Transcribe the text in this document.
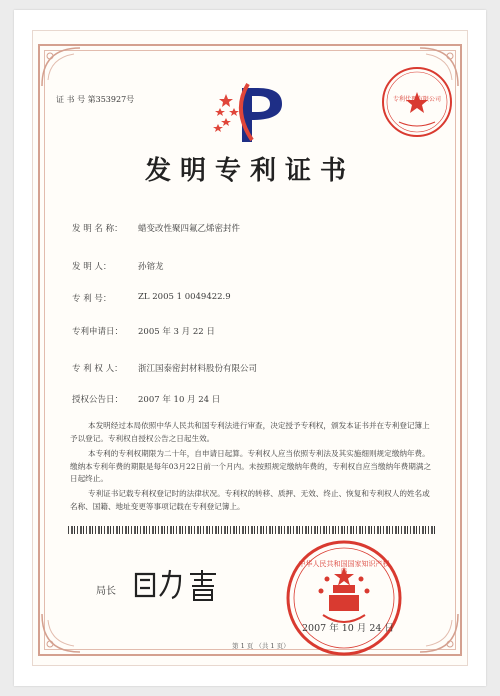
证 书 号 第353927号	专利代理有限公司
发明专利证书
发 明 名 称： 蜡变改性聚四氟乙烯密封件
发 明 人：	孙镕龙
专 利 号：	ZL 2005 1 0049422.9
专利申请日： 2005 年 3 月 22 日
专 利 权 人： 浙江国泰密封材料股份有限公司
授权公告日： 2007 年 10 月 24 日
本发明经过本局依照中华人民共和国专利法进行审查，决定授予专利权，颁发本证书并在专利登记簿上予以登记。专利权自授权公告之日起生效。
本专利的专利权期限为二十年，自申请日起算。专利权人应当依照专利法及其实施细则规定缴纳年费。缴纳本专利年费的期限是每年03月22日前一个月内。未按照规定缴纳年费的，专利权自应当缴纳年费期满之日起终止。
专利证书记载专利权登记时的法律状况。专利权的转移、质押、无效、终止、恢复和专利权人的姓名或名称、国籍、地址变更等事项记载在专利登记簿上。
局长
中华人民共和国国家知识产权局
2007 年 10 月 24 日
第 1 页 （共 1 页）
